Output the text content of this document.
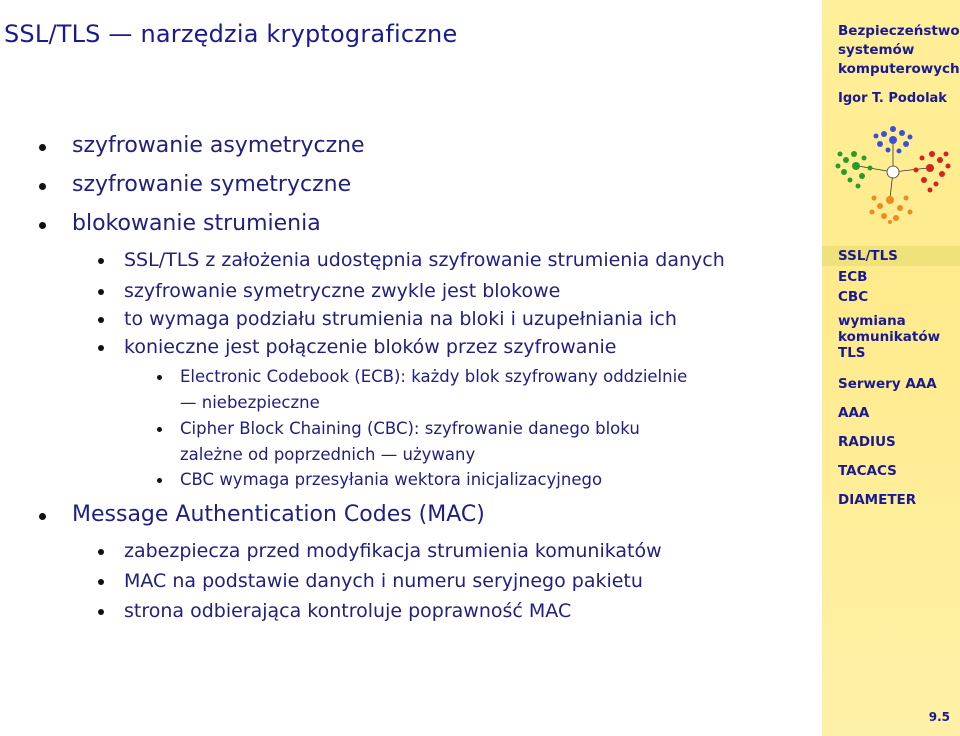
SSL/TLS — narzędzia kryptograficzne
szyfrowanie asymetryczne
szyfrowanie symetryczne
blokowanie strumienia
SSL/TLS z założenia udostępnia szyfrowanie strumienia danych
szyfrowanie symetryczne zwykle jest blokowe
to wymaga podziału strumienia na bloki i uzupełniania ich
konieczne jest połączenie bloków przez szyfrowanie
Electronic Codebook (ECB): każdy blok szyfrowany oddzielnie
— niebezpieczne
Cipher Block Chaining (CBC): szyfrowanie danego bloku
zależne od poprzednich — używany
CBC wymaga przesyłania wektora inicjalizacyjnego
Message Authentication Codes (MAC)
zabezpiecza przed modyfikacja strumienia komunikatów
MAC na podstawie danych i numeru seryjnego pakietu
strona odbierająca kontroluje poprawność MAC
Bezpieczeństwo
systemów
komputerowych
Igor T. Podolak
SSL/TLS
ECB
CBC
wymiana
komunikatów
TLS
Serwery AAA
AAA
RADIUS
TACACS
DIAMETER
9.5
